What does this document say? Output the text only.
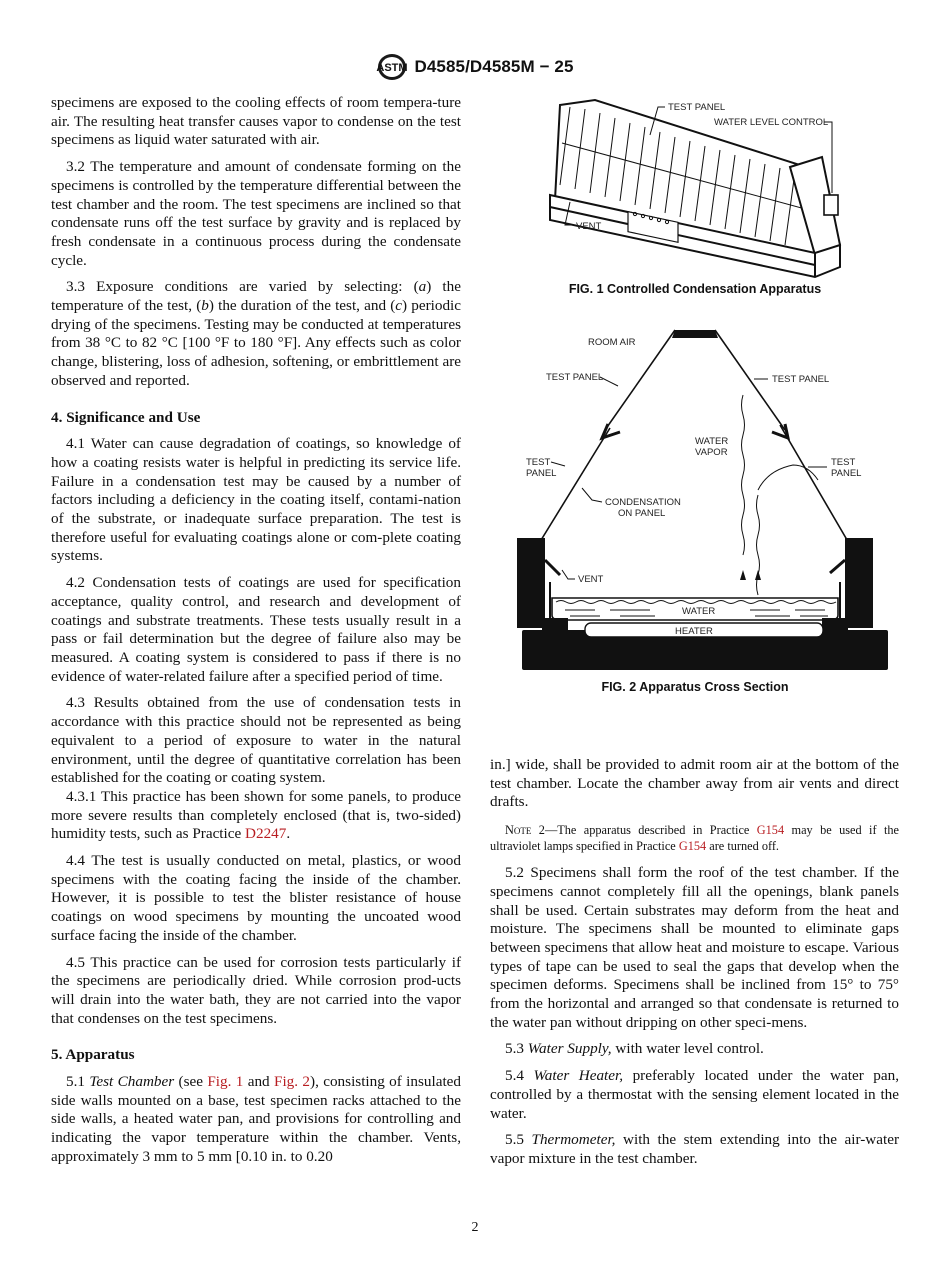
ASTM D4585/D4585M − 25

specimens are exposed to the cooling effects of room tempera-ture air. The resulting heat transfer causes vapor to condense on the test specimens as liquid water saturated with air.

3.2 The temperature and amount of condensate forming on the specimens is controlled by the temperature differential between the test chamber and the room. The test specimens are inclined so that condensate runs off the test surface by gravity and is replaced by fresh condensate in a continuous process during the condensate cycle.

3.3 Exposure conditions are varied by selecting: (a) the temperature of the test, (b) the duration of the test, and (c) periodic drying of the specimens. Testing may be conducted at temperatures from 38 °C to 82 °C [100 °F to 180 °F]. Any effects such as color change, blistering, loss of adhesion, softening, or embrittlement are observed and reported.

4. Significance and Use

4.1 Water can cause degradation of coatings, so knowledge of how a coating resists water is helpful in predicting its service life. Failure in a condensation test may be caused by a number of factors including a deficiency in the coating itself, contami-nation of the substrate, or inadequate surface preparation. The test is therefore useful for evaluating coatings alone or com-plete coating systems.

4.2 Condensation tests of coatings are used for specification acceptance, quality control, and research and development of coatings and substrate treatments. These tests usually result in a pass or fail determination but the degree of failure also may be measured. A coating system is considered to pass if there is no evidence of water-related failure after a specified period of time.

4.3 Results obtained from the use of condensation tests in accordance with this practice should not be represented as being equivalent to a period of exposure to water in the natural environment, until the degree of quantitative correlation has been established for the coating or coating system.

4.3.1 This practice has been shown for some panels, to produce more severe results than completely enclosed (that is, two-sided) humidity tests, such as Practice D2247.

4.4 The test is usually conducted on metal, plastics, or wood specimens with the coating facing the inside of the chamber. However, it is possible to test the blister resistance of house coatings on wood specimens by mounting the uncoated wood surface facing the inside of the chamber.

4.5 This practice can be used for corrosion tests particularly if the specimens are periodically dried. While corrosion prod-ucts will drain into the water bath, they are not carried into the vapor that condenses on the test specimens.

5. Apparatus

5.1 Test Chamber (see Fig. 1 and Fig. 2), consisting of insulated side walls mounted on a base, test specimen racks attached to the side walls, a heated water pan, and provisions for controlling and indicating the vapor temperature within the chamber. Vents, approximately 3 mm to 5 mm [0.10 in. to 0.20

TEST PANEL
WATER LEVEL CONTROL
VENT
FIG. 1 Controlled Condensation Apparatus
ROOM AIR
TEST PANEL	TEST PANEL
WATER
VAPOR
TEST
PANEL
TEST
PANEL
CONDENSATION
ON PANEL
VENT
WATER
HEATER
FIG. 2 Apparatus Cross Section

in.] wide, shall be provided to admit room air at the bottom of the test chamber. Locate the chamber away from air vents and direct drafts.

Note 2—The apparatus described in Practice G154 may be used if the ultraviolet lamps specified in Practice G154 are turned off.

5.2 Specimens shall form the roof of the test chamber. If the specimens cannot completely fill all the openings, blank panels shall be used. Certain substrates may deform from the heat and moisture. The specimens shall be mounted to eliminate gaps between specimens that allow heat and moisture to escape. Various types of tape can be used to seal the gaps that develop when the specimen deforms. Specimens shall be inclined from 15° to 75° from the horizontal and arranged so that condensate is returned to the water pan without dripping on other speci-mens.

5.3 Water Supply, with water level control.

5.4 Water Heater, preferably located under the water pan, controlled by a thermostat with the sensing element located in the water.

5.5 Thermometer, with the stem extending into the air-water vapor mixture in the test chamber.

2
